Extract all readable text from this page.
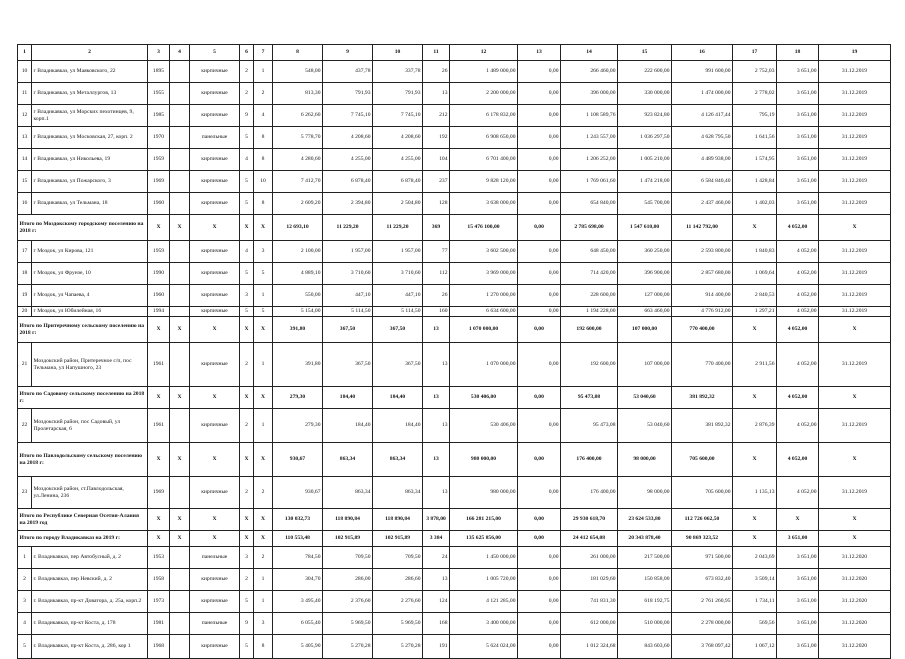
1	2	3	4	5	6	7	8	9	10	11	12	13	14	15	16	17	18	19
10	г Владикавказ, ул Маяковского, 22	1895		кирпичные	2	1	548,00	437,78	337,78	26	1 489 000,00	0,00	266 460,00	222 600,00	991 600,00	2 752,03	3 651,00	31.12.2019
11	г Владикавказ, ул Металлургов, 13	1955		кирпичные	2	2	813,30	791,93	791,93	13	2 200 000,00	0,00	396 000,00	330 000,00	1 474 000,00	2 778,02	3 651,00	31.12.2019
12	г Владикавказ, ул Морских пехотинцев, 9, корп.1	1985		кирпичные	9	4	6 262,60	7 745,10	7 745,10	212	6 178 832,00	0,00	1 108 589,76	923 824,80	4 126 417,44	795,19	3 651,00	31.12.2019
13	г Владикавказ, ул Московская, 27, корп. 2	1970		панельные	5	8	5 778,70	4 208,60	4 208,60	192	6 908 650,00	0,00	1 243 557,00	1 036 297,50	4 628 795,50	1 641,56	3 651,00	31.12.2019
14	г Владикавказ, ул Никольева, 19	1959		кирпичные	4	8	4 280,60	4 255,00	4 255,00	104	6 701 400,00	0,00	1 206 252,00	1 005 210,00	4 489 938,00	1 574,95	3 651,00	31.12.2019
15	г Владикавказ, ул Пожарского, 3	1969		кирпичные	5	10	7 412,70	6 878,40	6 878,40	237	9 828 120,00	0,00	1 769 061,60	1 474 218,00	6 584 840,40	1 428,84	3 651,00	31.12.2019
16	г Владикавказ, ул Тельмана, 18	1960		кирпичные	5	8	2 609,20	2 394,80	2 504,80	128	3 638 000,00	0,00	654 840,00	545 700,00	2 437 460,00	1 402,03	3 651,00	31.12.2019
Итого по Моздокскому городскому поселению на 2018 г:		X	X	X	X	X	12 693,10	11 229,20	11 229,20	369	15 476 100,00	0,00	2 785 698,00	1 547 610,00	11 142 792,00	X	4 052,00	X
17	г Моздок, ул Кирова, 121	1959		кирпичные	4	3	2 100,00	1 957,00	1 957,00	77	3 602 500,00	0,00	648 450,00	360 250,00	2 593 800,00	1 840,83	4 052,00	31.12.2019
18	г Моздок, ул Фрунзе, 10	1990		кирпичные	5	5	4 889,10	3 710,60	3 710,60	112	3 969 000,00	0,00	714 420,00	396 900,00	2 857 680,00	1 069,64	4 052,00	31.12.2019
19	г Моздок, ул Чапаева, 4	1960		кирпичные	3	1	550,00	447,10	447,10	26	1 270 000,00	0,00	228 600,00	127 000,00	914 400,00	2 840,53	4 052,00	31.12.2019
20	г Моздок, ул Юбилейная, 16	1994		кирпичные	5	5	5 154,00	5 114,50	5 114,50	160	6 634 600,00	0,00	1 194 228,00	663 460,00	4 776 912,00	1 297,21	4 052,00	31.12.2019
Итого по Притеречному сельскому поселению на 2018 г:		X	X	X	X	X	391,80	367,50	367,50	13	1 070 000,00	0,00	192 600,00	107 000,00	770 400,00	X	4 052,00	X
21	Моздокский район, Притеречное с/п, пос Тельмана, ул Напушного, 23	1961		кирпичные	2	1	391,80	367,50	367,50	13	1 070 000,00	0,00	192 600,00	107 000,00	770 400,00	2 911,56	4 052,00	31.12.2019
Итого по Садовому сельскому поселению на 2018 г:		X	X	X	X	X	279,30	184,40	184,40	13	530 406,00	0,00	95 473,08	53 040,60	381 892,32	X	4 052,00	X
22	Моздокский район, пос Садовый, ул Пролетарская, 6	1961		кирпичные	2	1	279,30	184,40	184,40	13	530 406,00	0,00	95 473,08	53 040,60	381 892,32	2 876,39	4 052,00	31.12.2019
Итого по Павлодольскому сельскому поселению на 2018 г:		X	X	X	X	X	930,67	863,34	863,34	13	980 000,00	0,00	176 400,00	98 000,00	705 600,00	X	4 052,00	X
23	Моздокский район, ст.Павлодольская, ул.Ленина, 236	1969		кирпичные	2	2	930,67	863,34	863,34	13	980 000,00	0,00	176 400,00	98 000,00	705 600,00	1 135,13	4 052,00	31.12.2019
Итого по Республике Северная Осетия-Алания на 2019 год		X	X	X	X	X	130 032,73	118 890,84	118 890,84	3 878,00	166 281 215,00	0,00	29 930 618,70	23 624 533,80	112 726 062,50	X	X	X
Итого по городу Владикавказ на 2019 г:		X	X	X	X	X	110 553,48	102 915,89	102 915,89	3 384	135 625 856,00	0,00	24 412 654,08	20 343 878,40	90 869 323,52	X	3 651,00	X
1	г. Владикавказ, пер Автобусный, д. 2	1953		панельные	3	2	784,50	709,50	709,50	24	1 450 000,00	0,00	261 000,00	217 500,00	971 500,00	2 043,69	3 651,00	31.12.2020
2	г. Владикавказ, пер Невский, д. 2	1958		кирпичные	2	1	304,70	286,00	286,60	13	1 005 720,00	0,00	181 029,60	150 858,00	673 832,40	3 509,14	3 651,00	31.12.2020
3	г. Владикавказ, пр-кт Доватора, д. 25а, корп.2	1973		кирпичные	5	1	3 495,40	2 376,60	2 276,60	124	4 121 285,00	0,00	741 831,30	618 192,75	2 761 260,95	1 734,11	3 651,00	31.12.2020
4	г. Владикавказ, пр-кт Коста, д. 178	1981		панельные	9	3	6 055,40	5 969,50	5 969,50	168	3 400 000,00	0,00	612 000,00	510 000,00	2 278 000,00	569,56	3 651,00	31.12.2020
5	г. Владикавказ, пр-кт Коста, д. 286, кор 1	1968		кирпичные	5	8	5 405,90	5 270,28	5 270,28	191	5 624 024,00	0,00	1 012 324,68	843 603,60	3 768 097,42	1 067,12	3 651,00	31.12.2020
